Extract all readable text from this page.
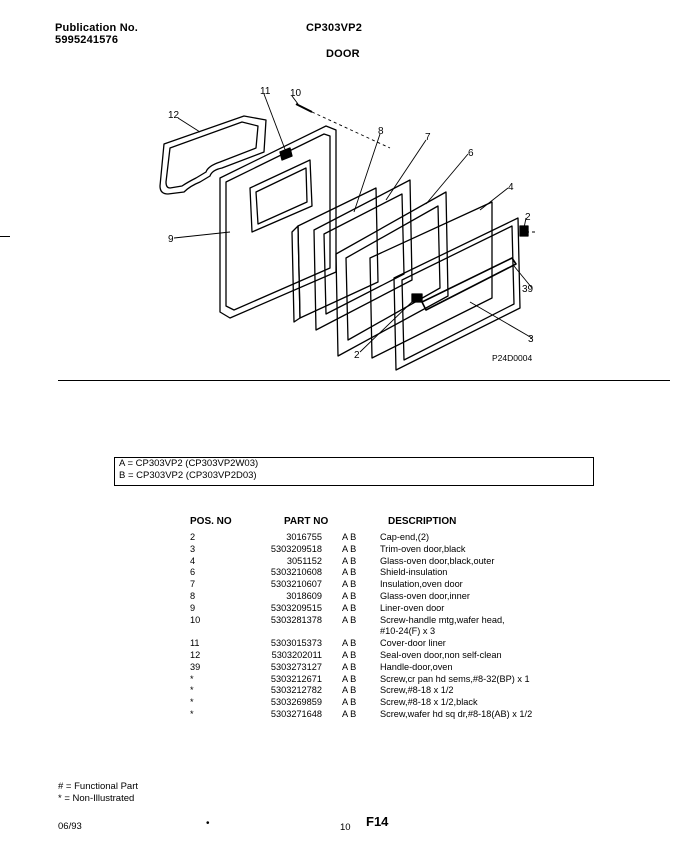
Publication No.
5995241576
CP303VP2
DOOR
12
11 10
8
7
6
4
2
39
3
2
9
P24D0004
A = CP303VP2 (CP303VP2W03)
B = CP303VP2 (CP303VP2D03)
POS. NO	PART NO	DESCRIPTION
2	3016755	A B	Cap-end,(2)
3	5303209518	A B	Trim-oven door,black
4	3051152	A B	Glass-oven door,black,outer
6	5303210608	A B	Shield-insulation
7	5303210607	A B	Insulation,oven door
8	3018609	A B	Glass-oven door,inner
9	5303209515	A B	Liner-oven door
10	5303281378	A B	Screw-handle mtg,wafer head,
#10-24(F) x 3
11	5303015373	A B	Cover-door liner
12	5303202011	A B	Seal-oven door,non self-clean
39	5303273127	A B	Handle-door,oven
*	5303212671	A B	Screw,cr pan hd sems,#8-32(BP) x 1
*	5303212782	A B	Screw,#8-18 x 1/2
*	5303269859	A B	Screw,#8-18 x 1/2,black
*	5303271648	A B	Screw,wafer hd sq dr,#8-18(AB) x 1/2
# = Functional Part
* = Non-Illustrated
06/93	•	10 F14
